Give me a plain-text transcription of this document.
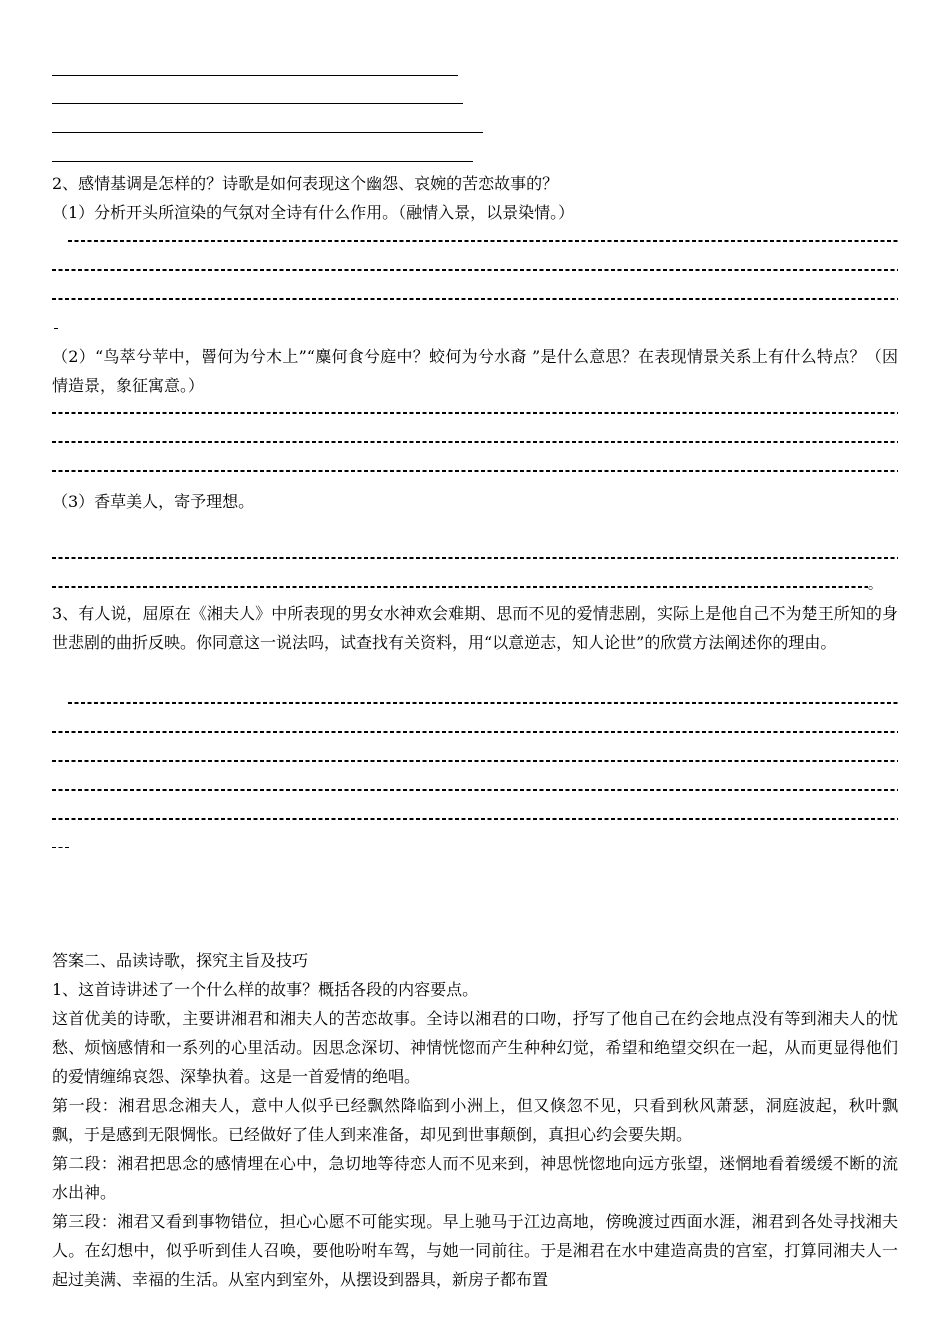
2、感情基调是怎样的？诗歌是如何表现这个幽怨、哀婉的苦恋故事的？
（1）分析开头所渲染的气氛对全诗有什么作用。（融情入景，以景染情。）
（2）“鸟萃兮苹中，罾何为兮木上”“麋何食兮庭中？蛟何为兮水裔 ”是什么意思？在表现情景关系上有什么特点？（因情造景，象征寓意。）
（3）香草美人，寄予理想。
。
3、有人说，屈原在《湘夫人》中所表现的男女水神欢会难期、思而不见的爱情悲剧，实际上是他自己不为楚王所知的身世悲剧的曲折反映。你同意这一说法吗，试查找有关资料，用“以意逆志，知人论世”的欣赏方法阐述你的理由。
答案二、品读诗歌，探究主旨及技巧
1、这首诗讲述了一个什么样的故事？概括各段的内容要点。
这首优美的诗歌，主要讲湘君和湘夫人的苦恋故事。全诗以湘君的口吻，抒写了他自己在约会地点没有等到湘夫人的忧愁、烦恼感情和一系列的心里活动。因思念深切、神情恍惚而产生种种幻觉，希望和绝望交织在一起，从而更显得他们的爱情缠绵哀怨、深挚执着。这是一首爱情的绝唱。
第一段：湘君思念湘夫人，意中人似乎已经飘然降临到小洲上，但又倏忽不见，只看到秋风萧瑟，洞庭波起，秋叶飘飘，于是感到无限惆怅。已经做好了佳人到来准备，却见到世事颠倒，真担心约会要失期。
第二段：湘君把思念的感情埋在心中，急切地等待恋人而不见来到，神思恍惚地向远方张望，迷惘地看着缓缓不断的流水出神。
第三段：湘君又看到事物错位，担心心愿不可能实现。早上驰马于江边高地，傍晚渡过西面水涯，湘君到各处寻找湘夫人。在幻想中，似乎听到佳人召唤，要他吩咐车驾，与她一同前往。于是湘君在水中建造高贵的宫室，打算同湘夫人一起过美满、幸福的生活。从室内到室外，从摆设到器具，新房子都布置
